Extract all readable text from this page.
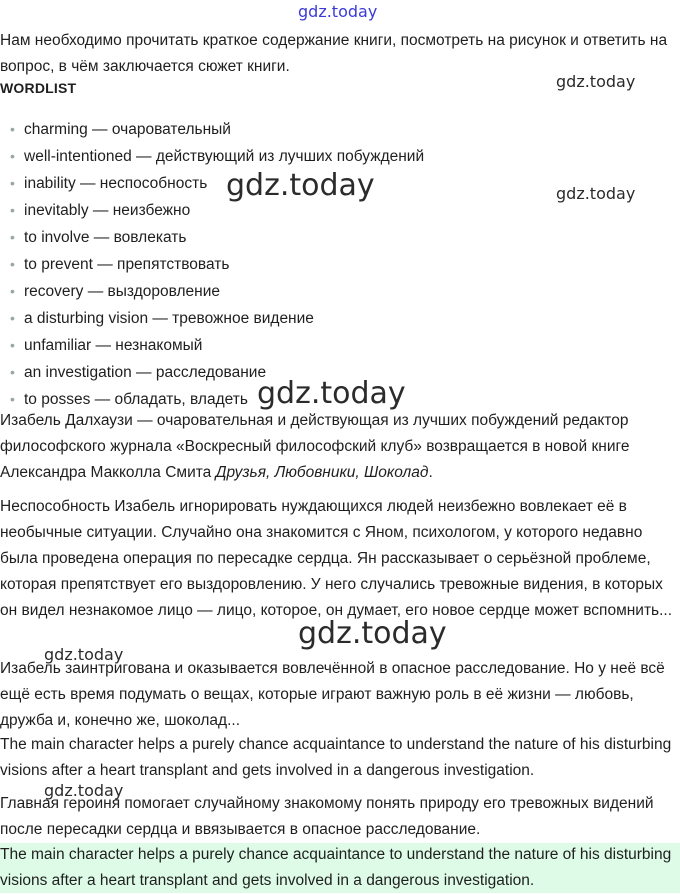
gdz.today
Нам необходимо прочитать краткое содержание книги, посмотреть на рисунок и ответить на вопрос, в чём заключается сюжет книги.
WORDLIST
• charming — очаровательный
• well-intentioned — действующий из лучших побуждений
• inability — неспособность
• inevitably — неизбежно
• to involve — вовлекать
• to prevent — препятствовать
• recovery — выздоровление
• a disturbing vision — тревожное видение
• unfamiliar — незнакомый
• an investigation — расследование
• to posses — обладать, владеть
Изабель Далхаузи — очаровательная и действующая из лучших побуждений редактор философского журнала «Воскресный философский клуб» возвращается в новой книге Александра Макколла Смита Друзья, Любовники, Шоколад.
Неспособность Изабель игнорировать нуждающихся людей неизбежно вовлекает её в необычные ситуации. Случайно она знакомится с Яном, психологом, у которого недавно была проведена операция по пересадке сердца. Ян рассказывает о серьёзной проблеме, которая препятствует его выздоровлению. У него случались тревожные видения, в которых он видел незнакомое лицо — лицо, которое, он думает, его новое сердце может вспомнить...
Изабель заинтригована и оказывается вовлечённой в опасное расследование. Но у неё всё ещё есть время подумать о вещах, которые играют важную роль в её жизни — любовь, дружба и, конечно же, шоколад...
The main character helps a purely chance acquaintance to understand the nature of his disturbing visions after a heart transplant and gets involved in a dangerous investigation.
Главная героиня помогает случайному знакомому понять природу его тревожных видений после пересадки сердца и ввязывается в опасное расследование.
The main character helps a purely chance acquaintance to understand the nature of his disturbing visions after a heart transplant and gets involved in a dangerous investigation.
gdz.today
gdz.today
gdz.today
gdz.today
gdz.today
gdz.today
gdz.today
